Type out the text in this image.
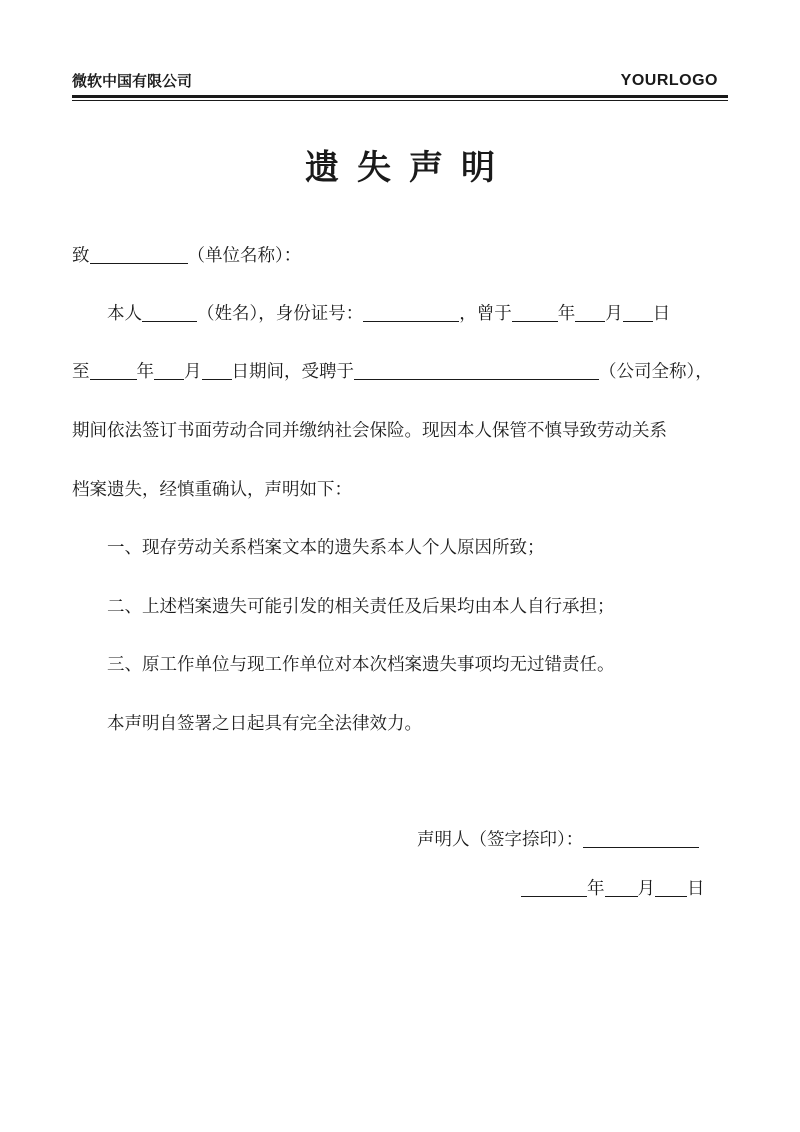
微软中国有限公司	YOURLOGO
遗失声明
致	（单位名称）：
本人	（姓名），身份证号：	，曾于	年 月 日
至	年 月 日期间，受聘于	（公司全称），
期间依法签订书面劳动合同并缴纳社会保险。现因本人保管不慎导致劳动关系
档案遗失，经慎重确认，声明如下：
一、现存劳动关系档案文本的遗失系本人个人原因所致；
二、上述档案遗失可能引发的相关责任及后果均由本人自行承担；
三、原工作单位与现工作单位对本次档案遗失事项均无过错责任。
本声明自签署之日起具有完全法律效力。
声明人（签字捺印）：
年 月 日
